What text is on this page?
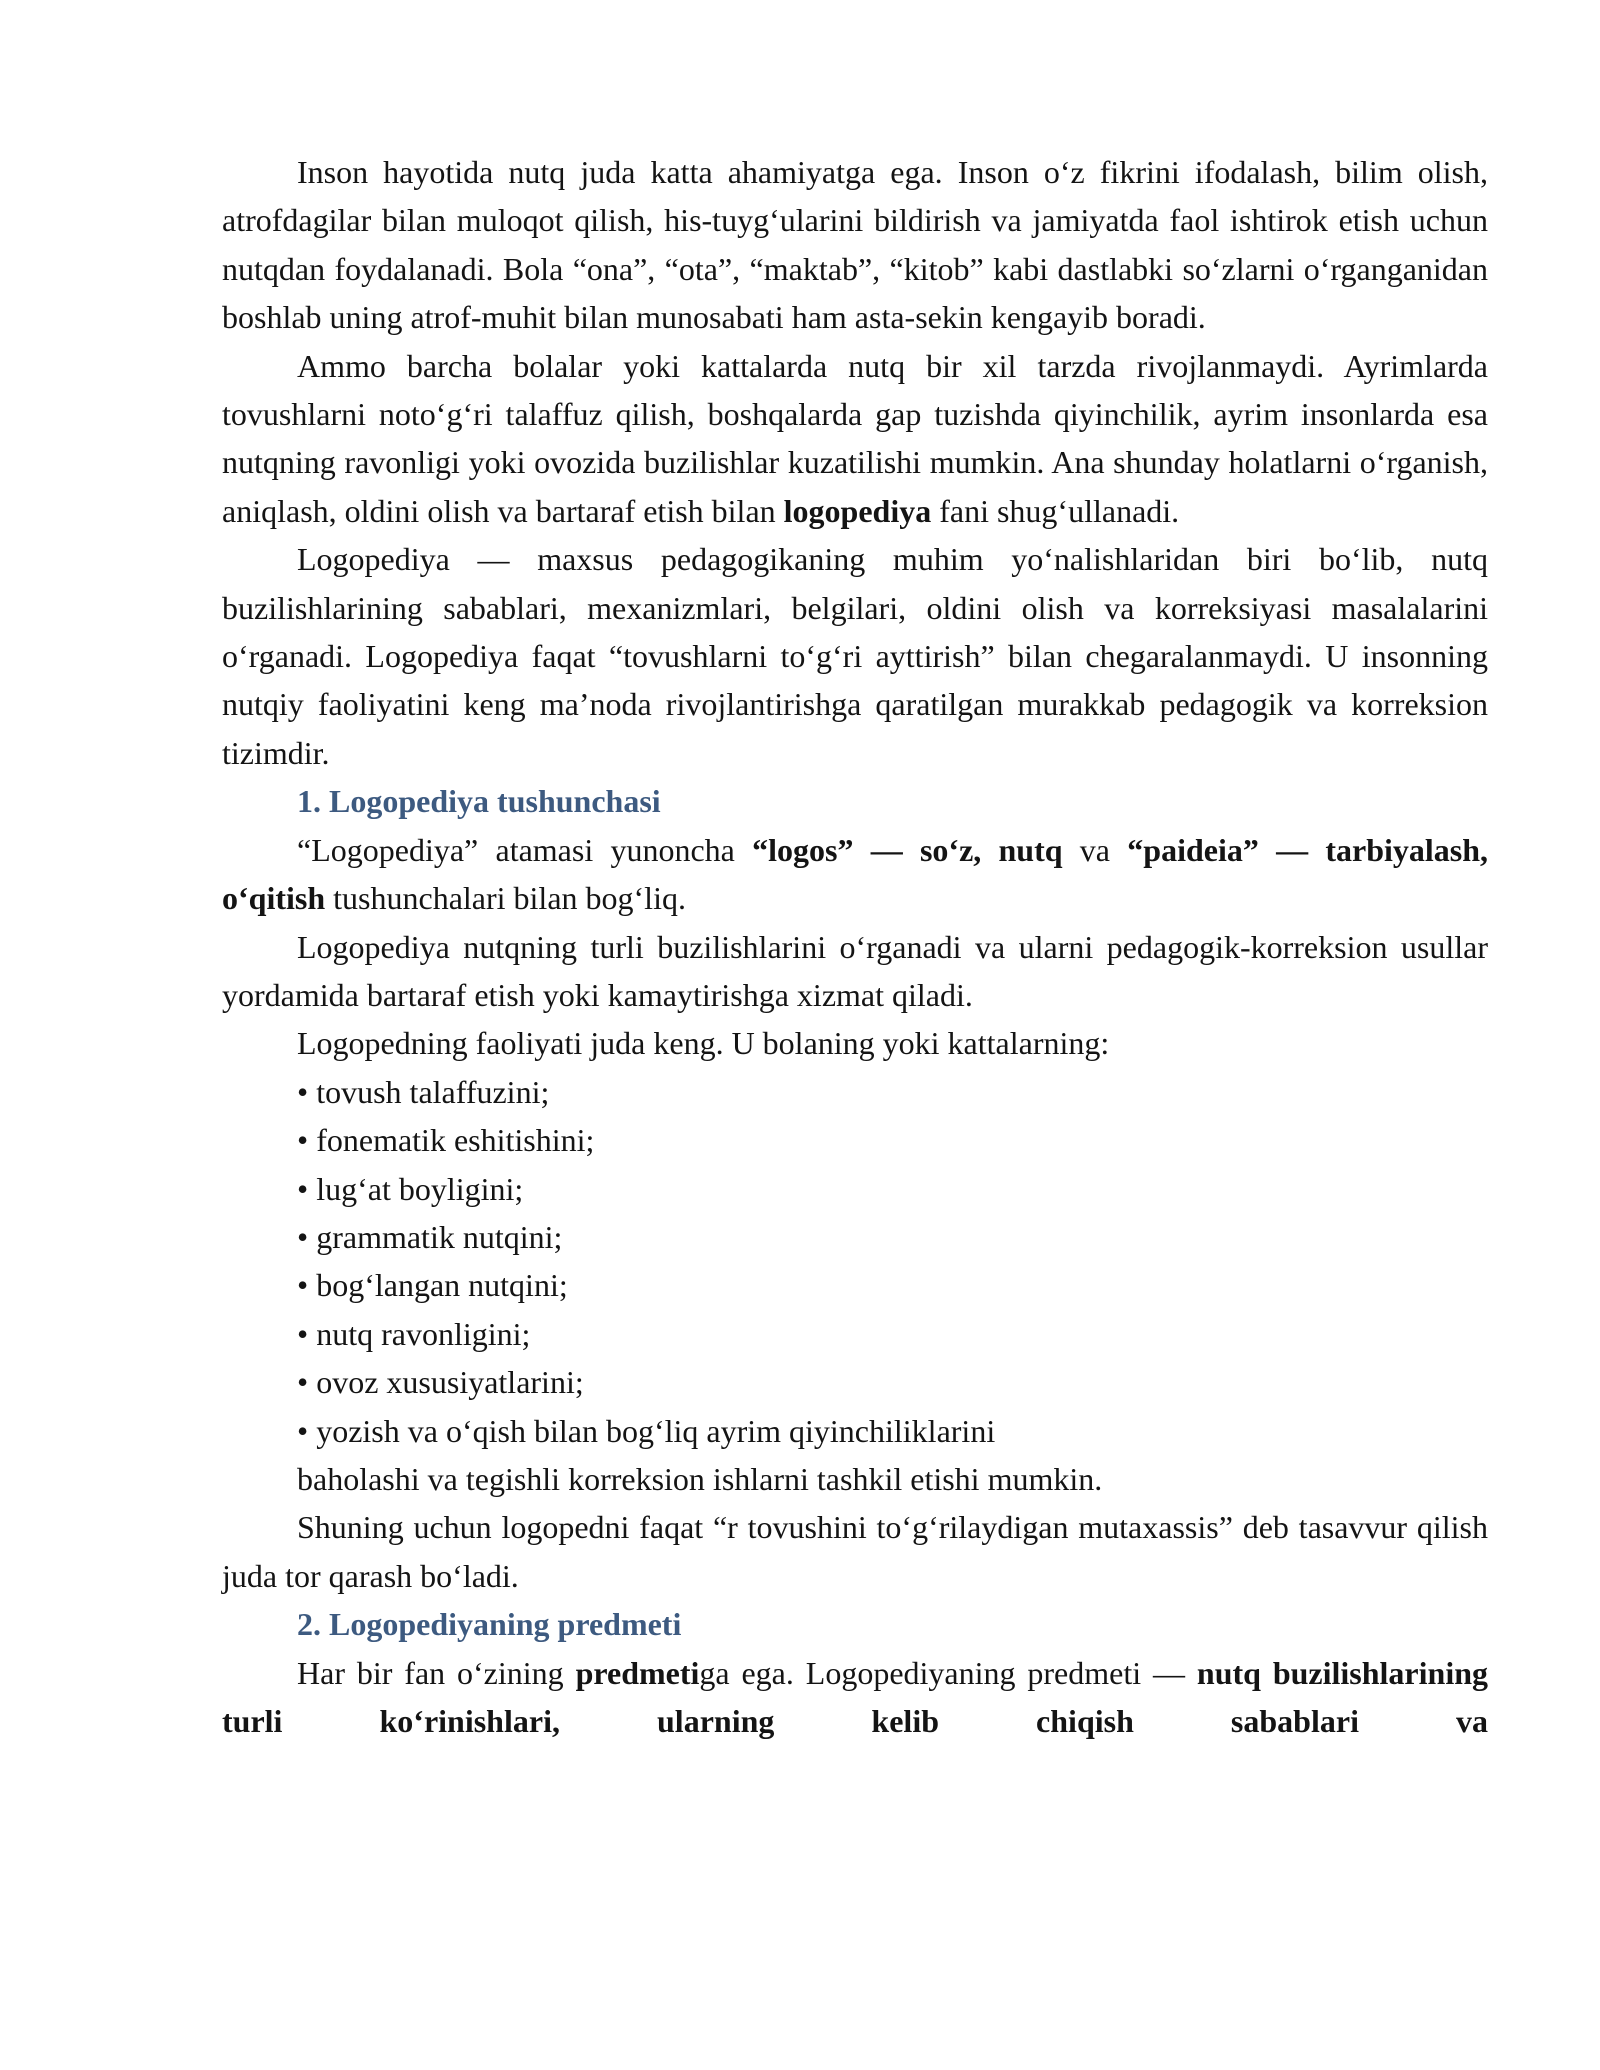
Inson hayotida nutq juda katta ahamiyatga ega. Inson o‘z fikrini ifodalash, bilim olish, atrofdagilar bilan muloqot qilish, his-tuyg‘ularini bildirish va jamiyatda faol ishtirok etish uchun nutqdan foydalanadi. Bola “ona”, “ota”, “maktab”, “kitob” kabi dastlabki so‘zlarni o‘rganganidan boshlab uning atrof-muhit bilan munosabati ham asta-sekin kengayib boradi.

Ammo barcha bolalar yoki kattalarda nutq bir xil tarzda rivojlanmaydi. Ayrimlarda tovushlarni noto‘g‘ri talaffuz qilish, boshqalarda gap tuzishda qiyinchilik, ayrim insonlarda esa nutqning ravonligi yoki ovozida buzilishlar kuzatilishi mumkin. Ana shunday holatlarni o‘rganish, aniqlash, oldini olish va bartaraf etish bilan logopediya fani shug‘ullanadi.

Logopediya — maxsus pedagogikaning muhim yo‘nalishlaridan biri bo‘lib, nutq buzilishlarining sabablari, mexanizmlari, belgilari, oldini olish va korreksiyasi masalalarini o‘rganadi. Logopediya faqat “tovushlarni to‘g‘ri ayttirish” bilan chegaralanmaydi. U insonning nutqiy faoliyatini keng ma’noda rivojlantirishga qaratilgan murakkab pedagogik va korreksion tizimdir.

1. Logopediya tushunchasi

“Logopediya” atamasi yunoncha “logos” — so‘z, nutq va “paideia” — tarbiyalash, o‘qitish tushunchalari bilan bog‘liq.

Logopediya nutqning turli buzilishlarini o‘rganadi va ularni pedagogik-korreksion usullar yordamida bartaraf etish yoki kamaytirishga xizmat qiladi.

Logopedning faoliyati juda keng. U bolaning yoki kattalarning:

• tovush talaffuzini;

• fonematik eshitishini;

• lug‘at boyligini;

• grammatik nutqini;

• bog‘langan nutqini;

• nutq ravonligini;

• ovoz xususiyatlarini;

• yozish va o‘qish bilan bog‘liq ayrim qiyinchiliklarini

baholashi va tegishli korreksion ishlarni tashkil etishi mumkin.

Shuning uchun logopedni faqat “r tovushini to‘g‘rilaydigan mutaxassis” deb tasavvur qilish juda tor qarash bo‘ladi.

2. Logopediyaning predmeti

Har bir fan o‘zining predmetiga ega. Logopediyaning predmeti — nutq buzilishlarining turli ko‘rinishlari, ularning kelib chiqish sabablari va
